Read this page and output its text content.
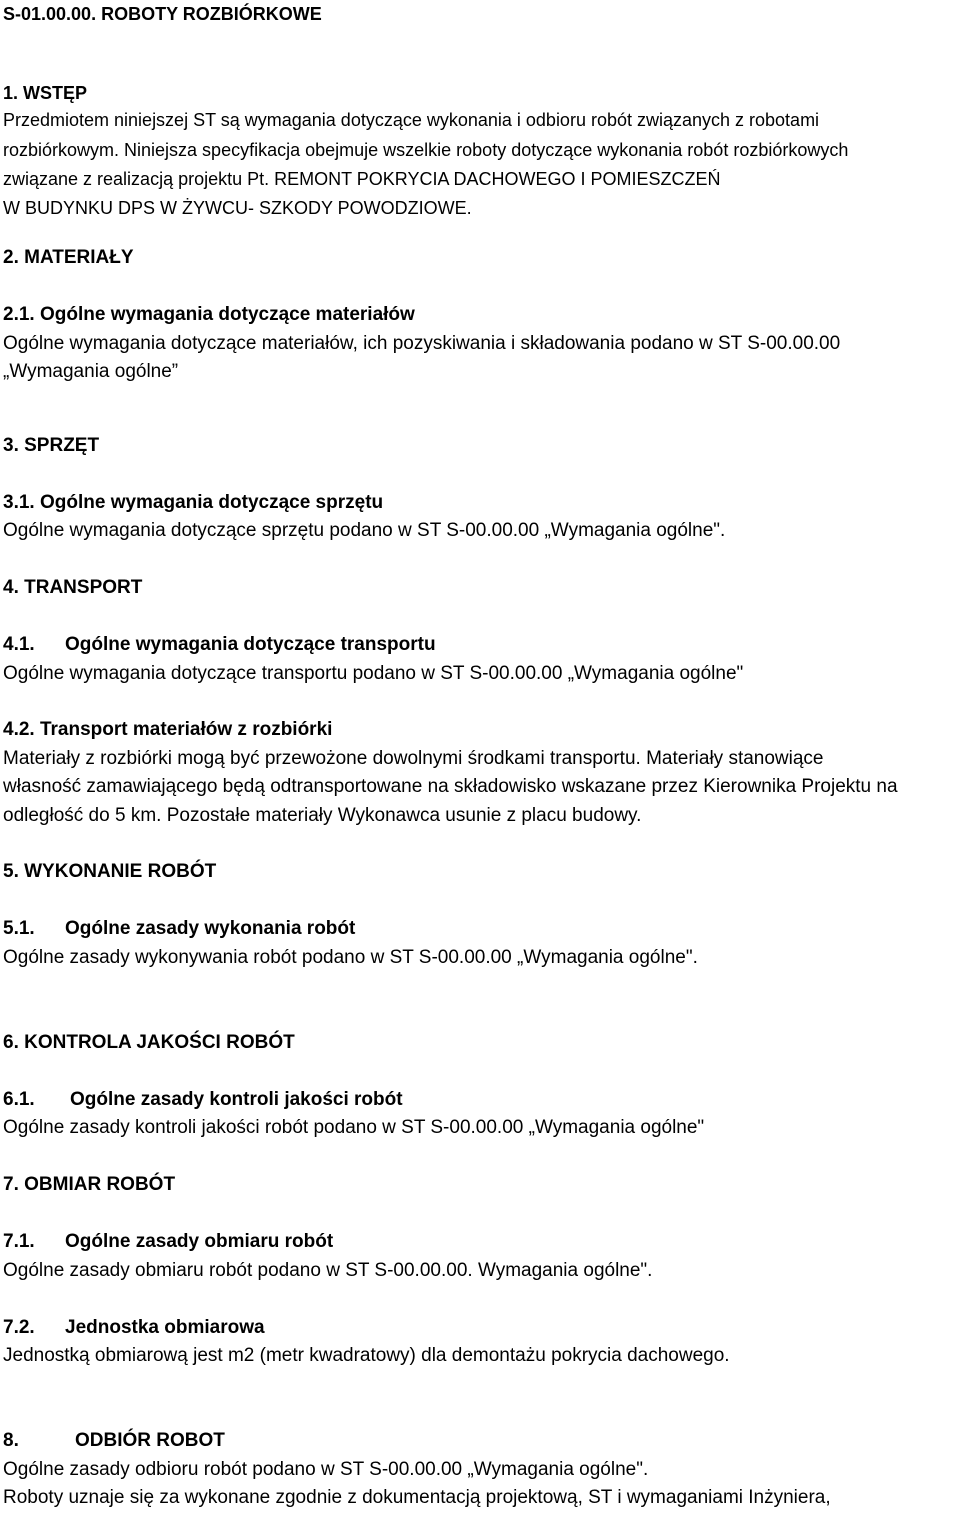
S-01.00.00. ROBOTY ROZBIÓRKOWE
1. WSTĘP
Przedmiotem niniejszej ST są wymagania dotyczące wykonania i odbioru robót związanych z robotami
rozbiórkowym. Niniejsza specyfikacja obejmuje wszelkie roboty dotyczące wykonania robót rozbiórkowych
związane z realizacją projektu Pt. REMONT POKRYCIA DACHOWEGO I POMIESZCZEŃ
W BUDYNKU DPS W ŻYWCU- SZKODY POWODZIOWE.
2. MATERIAŁY
2.1. Ogólne wymagania dotyczące materiałów
Ogólne wymagania dotyczące materiałów, ich pozyskiwania i składowania podano w ST S-00.00.00
„Wymagania ogólne”
3. SPRZĘT
3.1. Ogólne wymagania dotyczące sprzętu
Ogólne wymagania dotyczące sprzętu podano w ST S-00.00.00 „Wymagania ogólne".
4. TRANSPORT
4.1. Ogólne wymagania dotyczące transportu
Ogólne wymagania dotyczące transportu podano w ST S-00.00.00 „Wymagania ogólne"
4.2. Transport materiałów z rozbiórki
Materiały z rozbiórki mogą być przewożone dowolnymi środkami transportu. Materiały stanowiące
własność zamawiającego będą odtransportowane na składowisko wskazane przez Kierownika Projektu na
odległość do 5 km. Pozostałe materiały Wykonawca usunie z placu budowy.
5. WYKONANIE ROBÓT
5.1. Ogólne zasady wykonania robót
Ogólne zasady wykonywania robót podano w ST S-00.00.00 „Wymagania ogólne".
6. KONTROLA JAKOŚCI ROBÓT
6.1. Ogólne zasady kontroli jakości robót
Ogólne zasady kontroli jakości robót podano w ST S-00.00.00 „Wymagania ogólne"
7. OBMIAR ROBÓT
7.1. Ogólne zasady obmiaru robót
Ogólne zasady obmiaru robót podano w ST S-00.00.00. Wymagania ogólne".
7.2. Jednostka obmiarowa
Jednostką obmiarową jest m2 (metr kwadratowy) dla demontażu pokrycia dachowego.
8.	ODBIÓR ROBOT
Ogólne zasady odbioru robót podano w ST S-00.00.00 „Wymagania ogólne".
Roboty uznaje się za wykonane zgodnie z dokumentacją projektową, ST i wymaganiami Inżyniera,
